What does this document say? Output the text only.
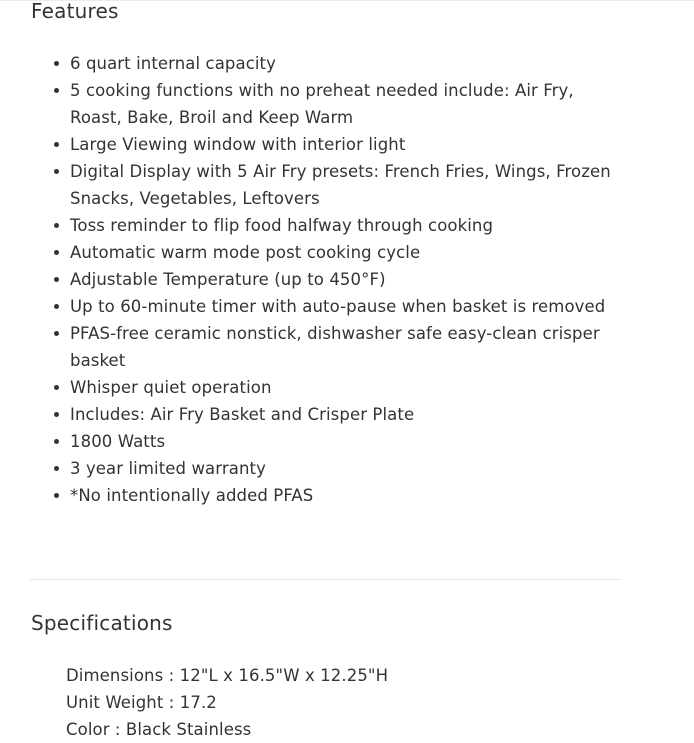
Features
6 quart internal capacity
5 cooking functions with no preheat needed include: Air Fry, Roast, Bake, Broil and Keep Warm
Large Viewing window with interior light
Digital Display with 5 Air Fry presets: French Fries, Wings, Frozen Snacks, Vegetables, Leftovers
Toss reminder to flip food halfway through cooking
Automatic warm mode post cooking cycle
Adjustable Temperature (up to 450°F)
Up to 60-minute timer with auto-pause when basket is removed
PFAS-free ceramic nonstick, dishwasher safe easy-clean crisper basket
Whisper quiet operation
Includes: Air Fry Basket and Crisper Plate
1800 Watts
3 year limited warranty
*No intentionally added PFAS
Specifications
Dimensions : 12"L x 16.5"W x 12.25"H
Unit Weight : 17.2
Color : Black Stainless
